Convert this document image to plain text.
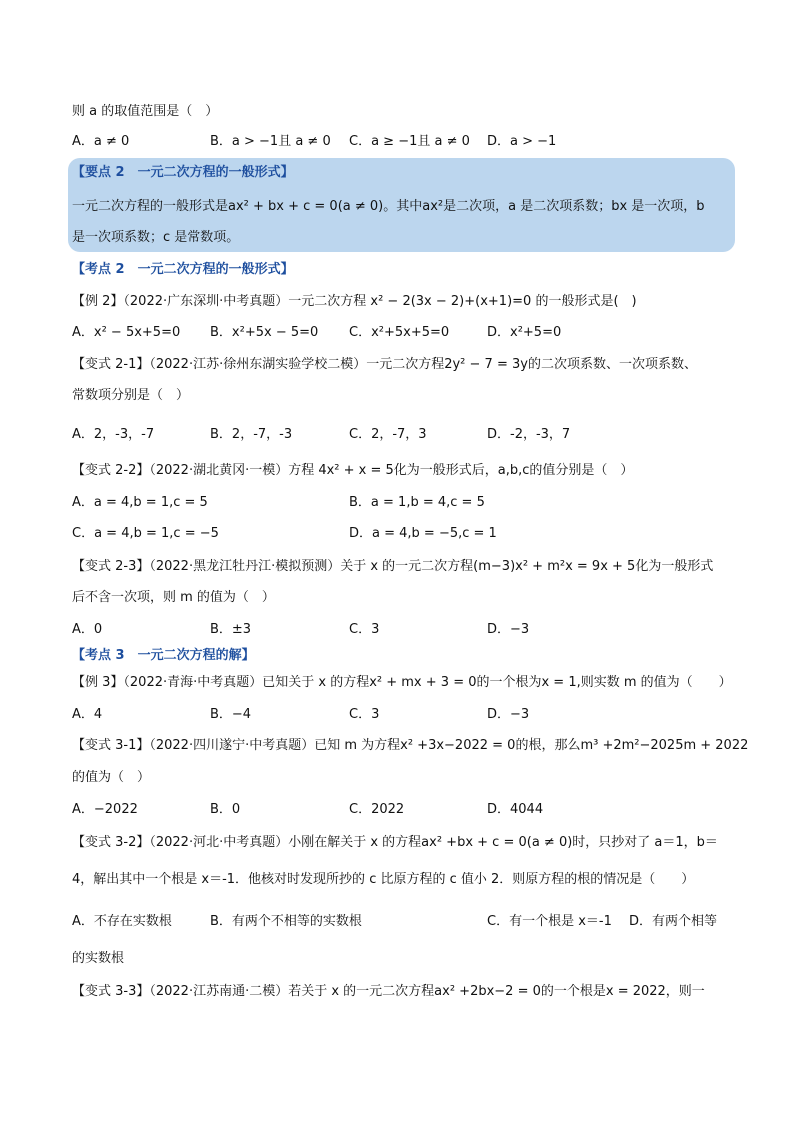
则 a 的取值范围是（　）
A．a ≠ 0	B．a > −1且 a ≠ 0 C．a ≥ −1且 a ≠ 0 D．a > −1
【要点 2　一元二次方程的一般形式】
一元二次方程的一般形式是ax² + bx + c = 0(a ≠ 0)。其中ax²是二次项，a 是二次项系数；bx 是一次项，b
是一次项系数；c 是常数项。
【考点 2　一元二次方程的一般形式】
【例 2】（2022·广东深圳·中考真题）一元二次方程 x² − 2(3x − 2)+(x+1)=0 的一般形式是(　)
A．x² − 5x+5=0 B．x²+5x − 5=0 C．x²+5x+5=0	D．x²+5=0
【变式 2-1】（2022·江苏·徐州东湖实验学校二模）一元二次方程2y² − 7 = 3y的二次项系数、一次项系数、
常数项分别是（　）
A．2，-3，-7	B．2，-7，-3	C．2，-7，3	D．-2，-3，7
【变式 2-2】（2022·湖北黄冈·一模）方程 4x² + x = 5化为一般形式后，a,b,c的值分别是（　）
A．a = 4,b = 1,c = 5	B．a = 1,b = 4,c = 5
C．a = 4,b = 1,c = −5	D．a = 4,b = −5,c = 1
【变式 2-3】（2022·黑龙江牡丹江·模拟预测）关于 x 的一元二次方程(m−3)x² + m²x = 9x + 5化为一般形式
后不含一次项，则 m 的值为（　）
A．0	B．±3	C．3	D．−3
【考点 3　一元二次方程的解】
【例 3】（2022·青海·中考真题）已知关于 x 的方程x² + mx + 3 = 0的一个根为x = 1,则实数 m 的值为（　　）
A．4	B．−4	C．3	D．−3
【变式 3-1】（2022·四川遂宁·中考真题）已知 m 为方程x² +3x−2022 = 0的根，那么m³ +2m²−2025m + 2022
的值为（　）
A．−2022	B．0	C．2022	D．4044
【变式 3-2】（2022·河北·中考真题）小刚在解关于 x 的方程ax² +bx + c = 0(a ≠ 0)时，只抄对了 a＝1，b＝
4，解出其中一个根是 x＝-1．他核对时发现所抄的 c 比原方程的 c 值小 2．则原方程的根的情况是（　　）
A．不存在实数根	B．有两个不相等的实数根	C．有一个根是 x＝-1 D．有两个相等
的实数根
【变式 3-3】（2022·江苏南通·二模）若关于 x 的一元二次方程ax² +2bx−2 = 0的一个根是x = 2022，则一
